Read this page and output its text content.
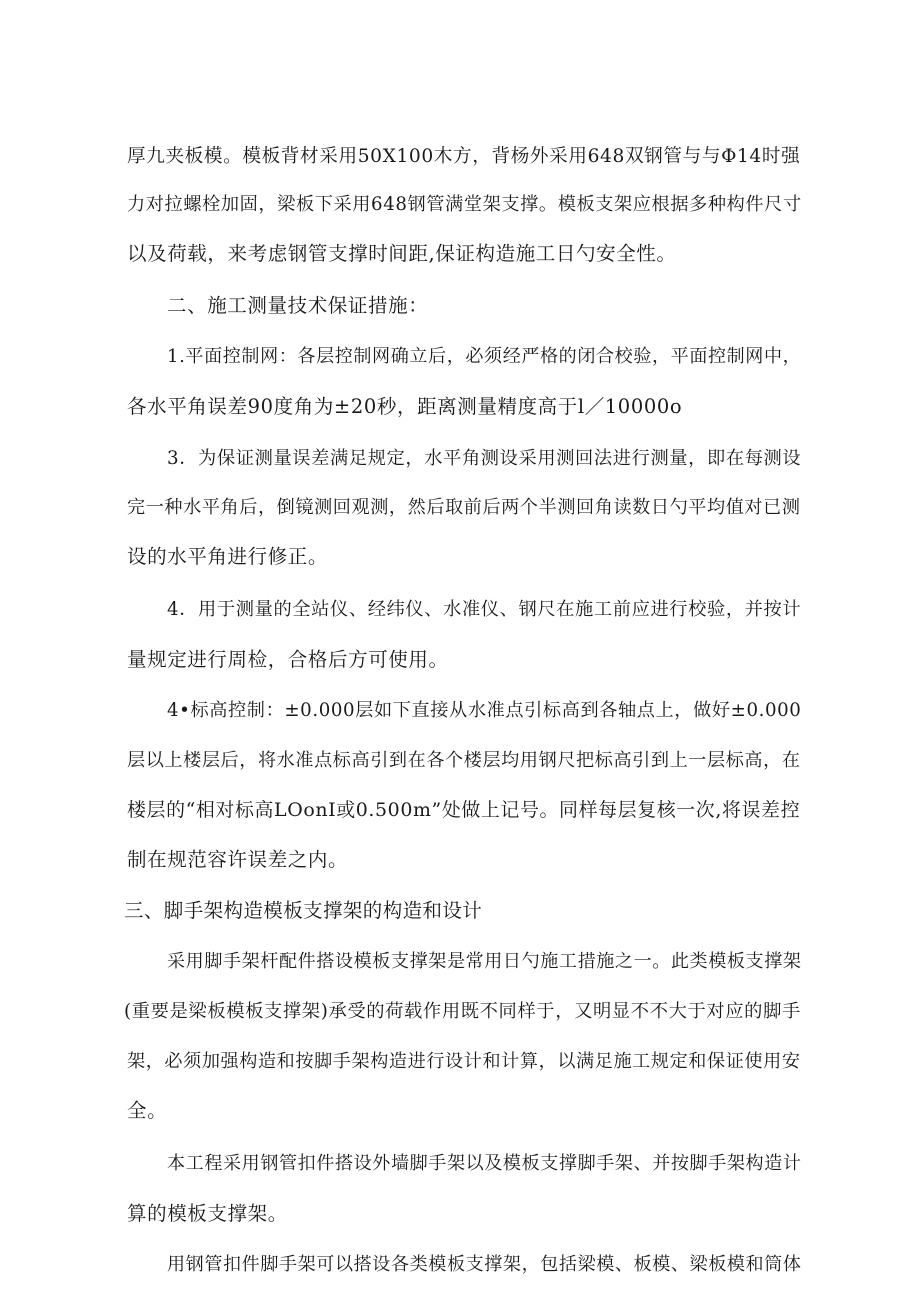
厚九夹板模。模板背材采用50X100木方，背杨外采用648双钢管与与Φ14时强
力对拉螺栓加固，梁板下采用648钢管满堂架支撑。模板支架应根据多种构件尺寸
以及荷载，来考虑钢管支撑时间距,保证构造施工日勺安全性。
二、施工测量技术保证措施：
1.平面控制网：各层控制网确立后，必须经严格的闭合校验，平面控制网中，
各水平角误差90度角为±20秒，距离测量精度高于l／10000o
3．为保证测量误差满足规定，水平角测设采用测回法进行测量，即在每测设
完一种水平角后，倒镜测回观测，然后取前后两个半测回角读数日勺平均值对已测
设的水平角进行修正。
4．用于测量的全站仪、经纬仪、水准仪、钢尺在施工前应进行校验，并按计
量规定进行周检，合格后方可使用。
4•标高控制：±0.000层如下直接从水准点引标高到各轴点上，做好±0.000
层以上楼层后，将水准点标高引到在各个楼层均用钢尺把标高引到上一层标高，在
楼层的“相对标高LOonI或0.500m”处做上记号。同样每层复核一次,将误差控
制在规范容许误差之内。
三、脚手架构造模板支撑架的构造和设计
采用脚手架杆配件搭设模板支撑架是常用日勺施工措施之一。此类模板支撑架
(重要是梁板模板支撑架)承受的荷载作用既不同样于，又明显不不大于对应的脚手
架，必须加强构造和按脚手架构造进行设计和计算，以满足施工规定和保证使用安
全。
本工程采用钢管扣件搭设外墙脚手架以及模板支撑脚手架、并按脚手架构造计
算的模板支撑架。
用钢管扣件脚手架可以搭设各类模板支撑架，包括梁模、板模、梁板模和筒体
